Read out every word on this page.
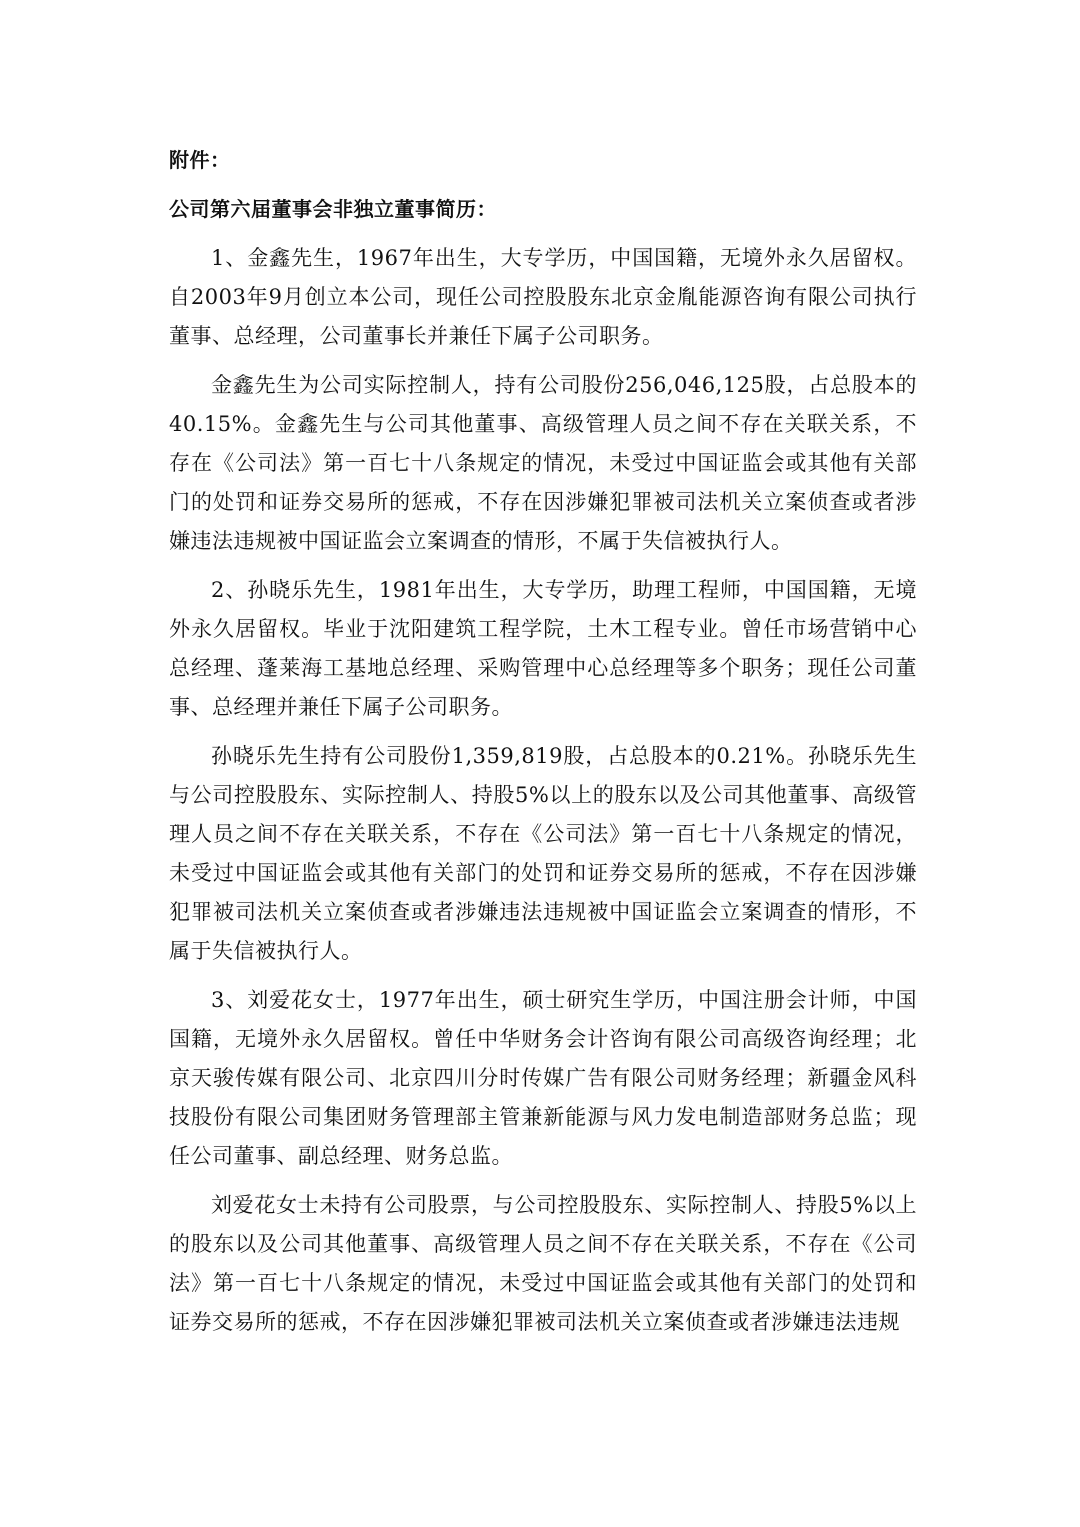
附件：
公司第六届董事会非独立董事简历：

1、金鑫先生，1967年出生，大专学历，中国国籍，无境外永久居留权。自2003年9月创立本公司，现任公司控股股东北京金胤能源咨询有限公司执行董事、总经理，公司董事长并兼任下属子公司职务。

金鑫先生为公司实际控制人，持有公司股份256,046,125股，占总股本的40.15%。金鑫先生与公司其他董事、高级管理人员之间不存在关联关系，不存在《公司法》第一百七十八条规定的情况，未受过中国证监会或其他有关部门的处罚和证券交易所的惩戒，不存在因涉嫌犯罪被司法机关立案侦查或者涉嫌违法违规被中国证监会立案调查的情形，不属于失信被执行人。

2、孙晓乐先生，1981年出生，大专学历，助理工程师，中国国籍，无境外永久居留权。毕业于沈阳建筑工程学院，土木工程专业。曾任市场营销中心总经理、蓬莱海工基地总经理、采购管理中心总经理等多个职务；现任公司董事、总经理并兼任下属子公司职务。

孙晓乐先生持有公司股份1,359,819股，占总股本的0.21%。孙晓乐先生与公司控股股东、实际控制人、持股5%以上的股东以及公司其他董事、高级管理人员之间不存在关联关系，不存在《公司法》第一百七十八条规定的情况，未受过中国证监会或其他有关部门的处罚和证券交易所的惩戒，不存在因涉嫌犯罪被司法机关立案侦查或者涉嫌违法违规被中国证监会立案调查的情形，不属于失信被执行人。

3、刘爱花女士，1977年出生，硕士研究生学历，中国注册会计师，中国国籍，无境外永久居留权。曾任中华财务会计咨询有限公司高级咨询经理；北京天骏传媒有限公司、北京四川分时传媒广告有限公司财务经理；新疆金风科技股份有限公司集团财务管理部主管兼新能源与风力发电制造部财务总监；现任公司董事、副总经理、财务总监。

刘爱花女士未持有公司股票，与公司控股股东、实际控制人、持股5%以上的股东以及公司其他董事、高级管理人员之间不存在关联关系，不存在《公司法》第一百七十八条规定的情况，未受过中国证监会或其他有关部门的处罚和证券交易所的惩戒，不存在因涉嫌犯罪被司法机关立案侦查或者涉嫌违法违规
